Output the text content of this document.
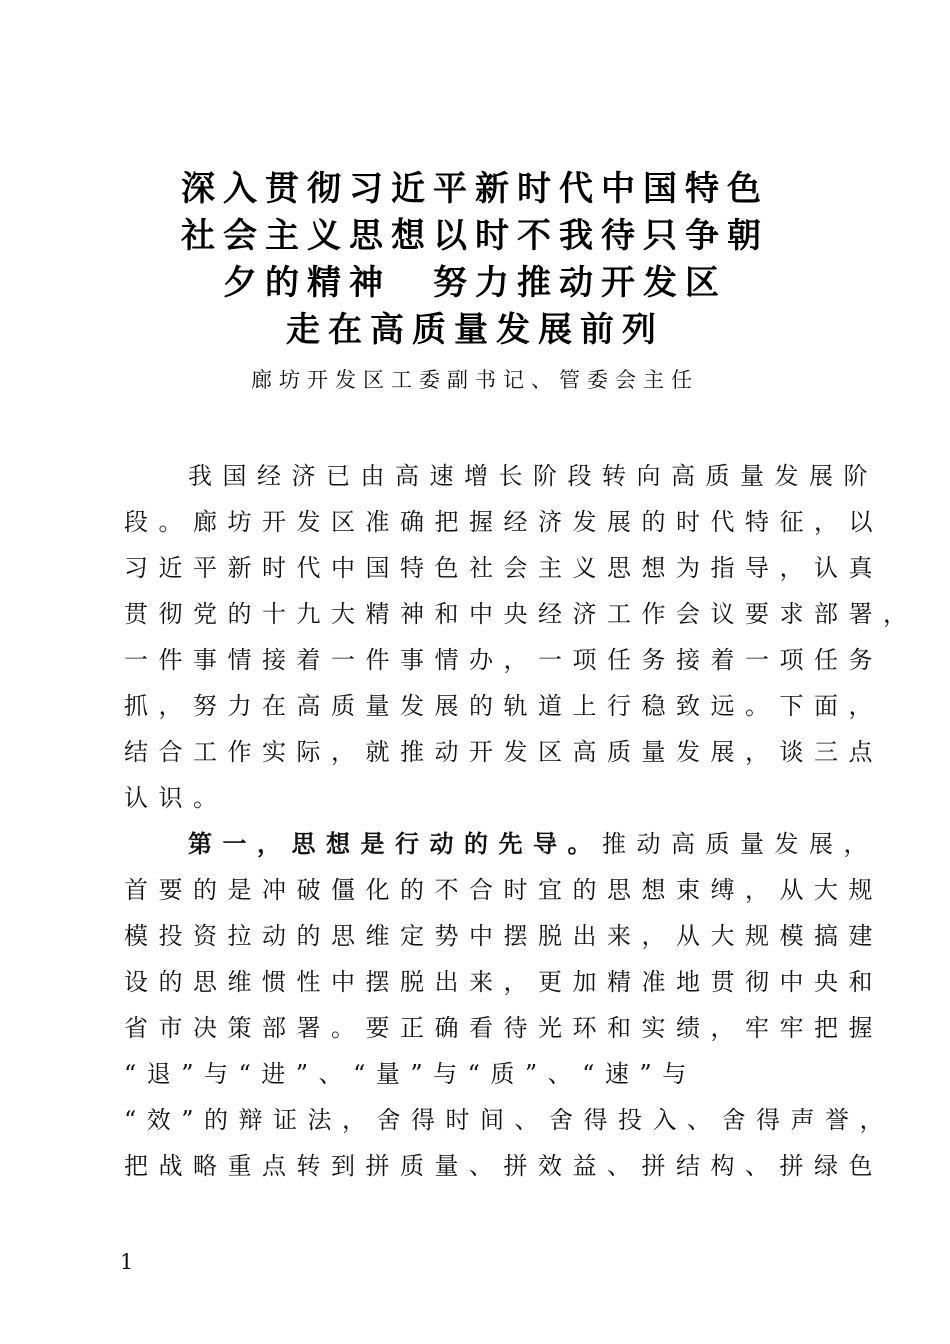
深入贯彻习近平新时代中国特色
社会主义思想以时不我待只争朝
夕的精神　努力推动开发区
走在高质量发展前列
廊坊开发区工委副书记、管委会主任
我国经济已由高速增长阶段转向高质量发展阶
段。廊坊开发区准确把握经济发展的时代特征，以
习近平新时代中国特色社会主义思想为指导，认真
贯彻党的十九大精神和中央经济工作会议要求部署，
一件事情接着一件事情办，一项任务接着一项任务
抓，努力在高质量发展的轨道上行稳致远。下面，
结合工作实际，就推动开发区高质量发展，谈三点
认识。
第一，思想是行动的先导。推动高质量发展，
首要的是冲破僵化的不合时宜的思想束缚，从大规
模投资拉动的思维定势中摆脱出来，从大规模搞建
设的思维惯性中摆脱出来，更加精准地贯彻中央和
省市决策部署。要正确看待光环和实绩，牢牢把握
“退”与“进”、“量”与“质”、“速”与
“效”的辩证法，舍得时间、舍得投入、舍得声誉，
把战略重点转到拼质量、拼效益、拼结构、拼绿色
1
